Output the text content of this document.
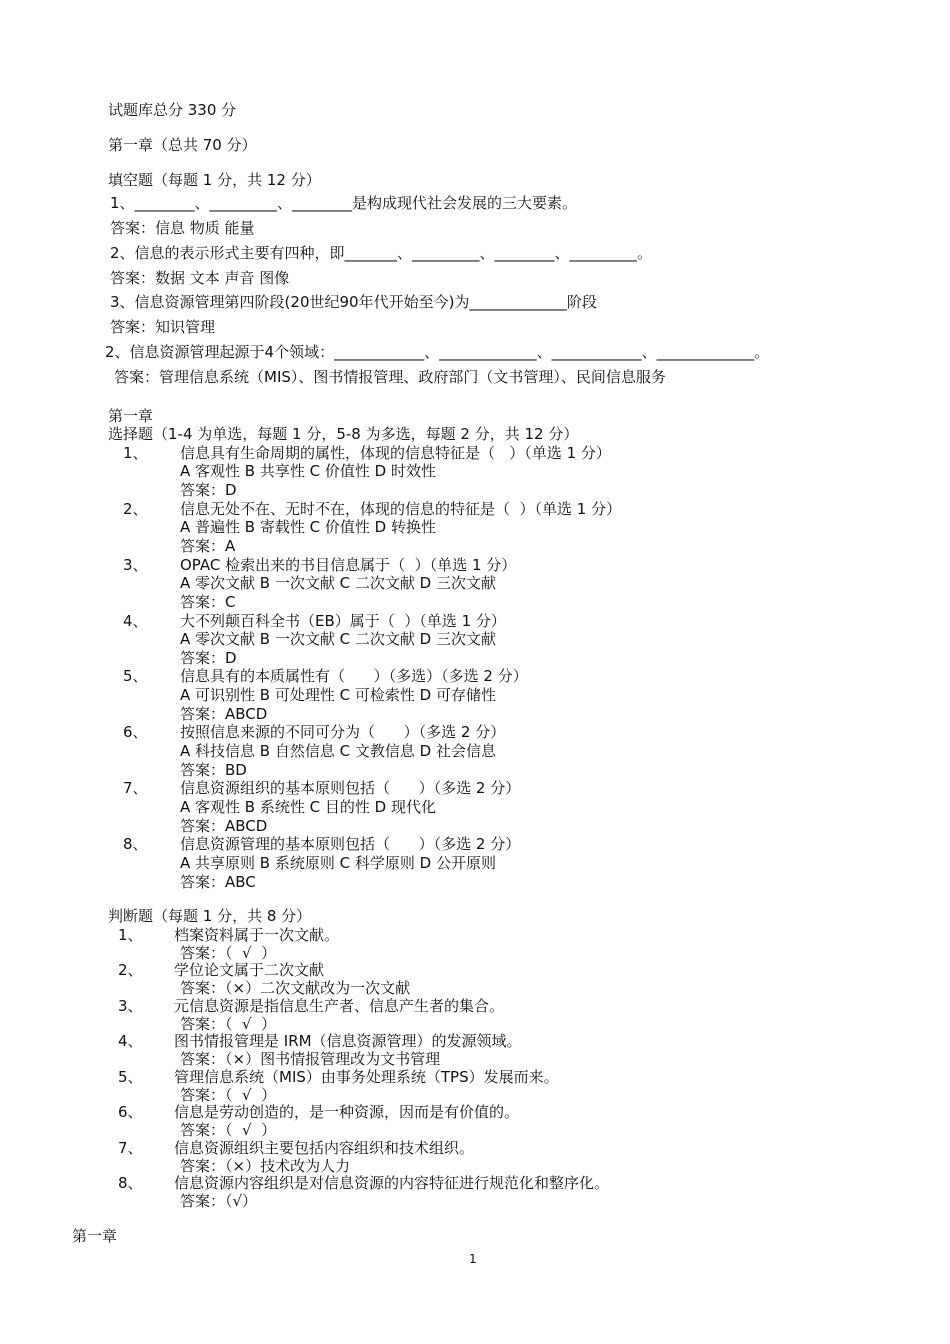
试题库总分 330 分
第一章（总共 70 分）
填空题（每题 1 分，共 12 分）
1、________、_________、________是构成现代社会发展的三大要素。
答案：信息 物质 能量
2、信息的表示形式主要有四种，即_______、_________、________、_________。
答案：数据 文本 声音 图像
3、信息资源管理第四阶段(20世纪90年代开始至今)为_____________阶段
答案：知识管理
2、信息资源管理起源于4个领域：____________、_____________、____________、_____________。
答案：管理信息系统（MIS）、图书情报管理、政府部门（文书管理）、民间信息服务
第一章
选择题（1-4 为单选，每题 1 分，5-8 为多选，每题 2 分，共 12 分）
1、 信息具有生命周期的属性，体现的信息特征是（   ）（单选 1 分）
A 客观性 B 共享性 C 价值性 D 时效性
答案：D
2、 信息无处不在、无时不在，体现的信息的特征是（  ）（单选 1 分）
A 普遍性 B 寄载性 C 价值性 D 转换性
答案：A
3、 OPAC 检索出来的书目信息属于（  ）（单选 1 分）
A 零次文献 B 一次文献 C 二次文献 D 三次文献
答案：C
4、 大不列颠百科全书（EB）属于（  ）（单选 1 分）
A 零次文献 B 一次文献 C 二次文献 D 三次文献
答案：D
5、 信息具有的本质属性有（      ）（多选）（多选 2 分）
A 可识别性 B 可处理性 C 可检索性 D 可存储性
答案：ABCD
6、 按照信息来源的不同可分为（      ）（多选 2 分）
A 科技信息 B 自然信息 C 文教信息 D 社会信息
答案：BD
7、 信息资源组织的基本原则包括（      ）（多选 2 分）
A 客观性 B 系统性 C 目的性 D 现代化
答案：ABCD
8、 信息资源管理的基本原则包括（      ）（多选 2 分）
A 共享原则 B 系统原则 C 科学原则 D 公开原则
答案：ABC
判断题（每题 1 分，共 8 分）
1、 档案资料属于一次文献。
答案：（  √  ）
2、 学位论文属于二次文献
答案：（×）二次文献改为一次文献
3、 元信息资源是指信息生产者、信息产生者的集合。
答案：（  √  ）
4、 图书情报管理是 IRM（信息资源管理）的发源领域。
答案：（×）图书情报管理改为文书管理
5、 管理信息系统（MIS）由事务处理系统（TPS）发展而来。
答案：（  √  ）
6、 信息是劳动创造的，是一种资源，因而是有价值的。
答案：（  √  ）
7、 信息资源组织主要包括内容组织和技术组织。
答案：（×）技术改为人力
8、 信息资源内容组织是对信息资源的内容特征进行规范化和整序化。
答案：（√）
第一章
1
